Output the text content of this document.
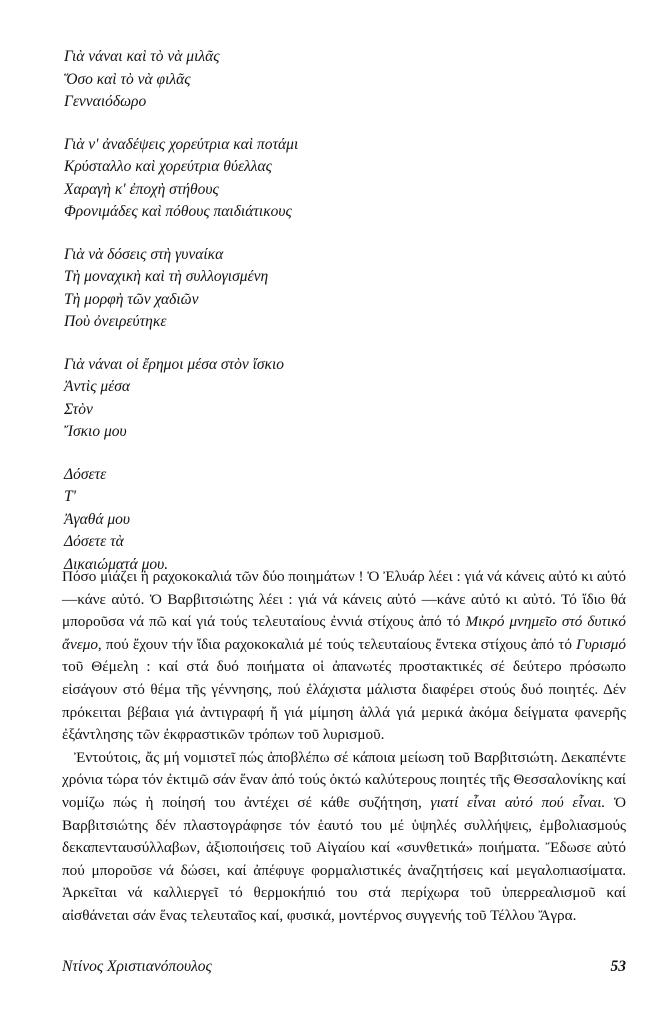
Γιὰ νάναι καὶ τὸ νὰ μιλᾶς
Ὅσο καὶ τὸ νὰ φιλᾶς
Γενναιόδωρο
Γιὰ ν' ἀναδέψεις χορεύτρια καὶ ποτάμι
Κρύσταλλο καὶ χορεύτρια θύελλας
Χαραγὴ κ' ἐποχὴ στήθους
Φρονιμάδες καὶ πόθους παιδιάτικους
Γιὰ νὰ δόσεις στὴ γυναίκα
Τὴ μοναχικὴ καὶ τὴ συλλογισμένη
Τὴ μορφὴ τῶν χαδιῶν
Ποὺ ὀνειρεύτηκε
Γιὰ νάναι οἱ ἔρημοι μέσα στὸν ἴσκιο
Ἀντὶς μέσα
Στὸν
Ἴσκιο μου
Δόσετε
Τ'
Ἀγαθά μου
Δόσετε τὰ
Δικαιώματά μου.

Πόσο μιάζει ἡ ραχοκοκαλιά τῶν δύο ποιημάτων ! Ὁ Ἐλυάρ λέει : γιά νά κάνεις αὐτό κι αὐτό—κάνε αὐτό. Ὁ Βαρβιτσιώτης λέει : γιά νά κάνεις αὐτό —κάνε αὐτό κι αὐτό. Τό ἴδιο θά μποροῦσα νά πῶ καί γιά τούς τελευταίους ἐννιά στίχους ἀπό τό Μικρό μνημεῖο στό δυτικό ἄνεμο, πού ἔχουν τήν ἴδια ραχοκοκαλιά μέ τούς τελευταίους ἔντεκα στίχους ἀπό τό Γυρισμό τοῦ Θέμελη : καί στά δυό ποιήματα οἱ ἀπανωτές προστακτικές σέ δεύτερο πρόσωπο εἰσάγουν στό θέμα τῆς γέννησης, πού ἐλάχιστα μάλιστα διαφέρει στούς δυό ποιητές. Δέν πρόκειται βέβαια γιά ἀντιγραφή ἤ γιά μίμηση ἀλλά γιά μερικά ἀκόμα δείγματα φανερῆς ἐξάντλησης τῶν ἐκφραστικῶν τρόπων τοῦ λυρισμοῦ.

Ἐντούτοις, ἄς μή νομιστεῖ πώς ἀποβλέπω σέ κάποια μείωση τοῦ Βαρβιτσιώτη. Δεκαπέντε χρόνια τώρα τόν ἐκτιμῶ σάν ἕναν ἀπό τούς ὀκτώ καλύτερους ποιητές τῆς Θεσσαλονίκης καί νομίζω πώς ἡ ποίησή του ἀντέχει σέ κάθε συζήτηση, γιατί εἶναι αὐτό πού εἶναι. Ὁ Βαρβιτσιώτης δέν πλαστογράφησε τόν ἑαυτό του μέ ὑψηλές συλλήψεις, ἐμβολιασμούς δεκαπενταυσύλλαβων, ἀξιοποιήσεις τοῦ Αἰγαίου καί «συνθετικά» ποιήματα. Ἔδωσε αὐτό πού μποροῦσε νά δώσει, καί ἀπέφυγε φορμαλιστικές ἀναζητήσεις καί μεγαλοπιασίματα. Ἀρκεῖται νά καλλιεργεῖ τό θερμοκήπιό του στά περίχωρα τοῦ ὑπερρεαλισμοῦ καί αἰσθάνεται σάν ἕνας τελευταῖος καί, φυσικά, μοντέρνος συγγενής τοῦ Τέλλου Ἄγρα.

Ντίνος Χριστιανόπουλος	53
